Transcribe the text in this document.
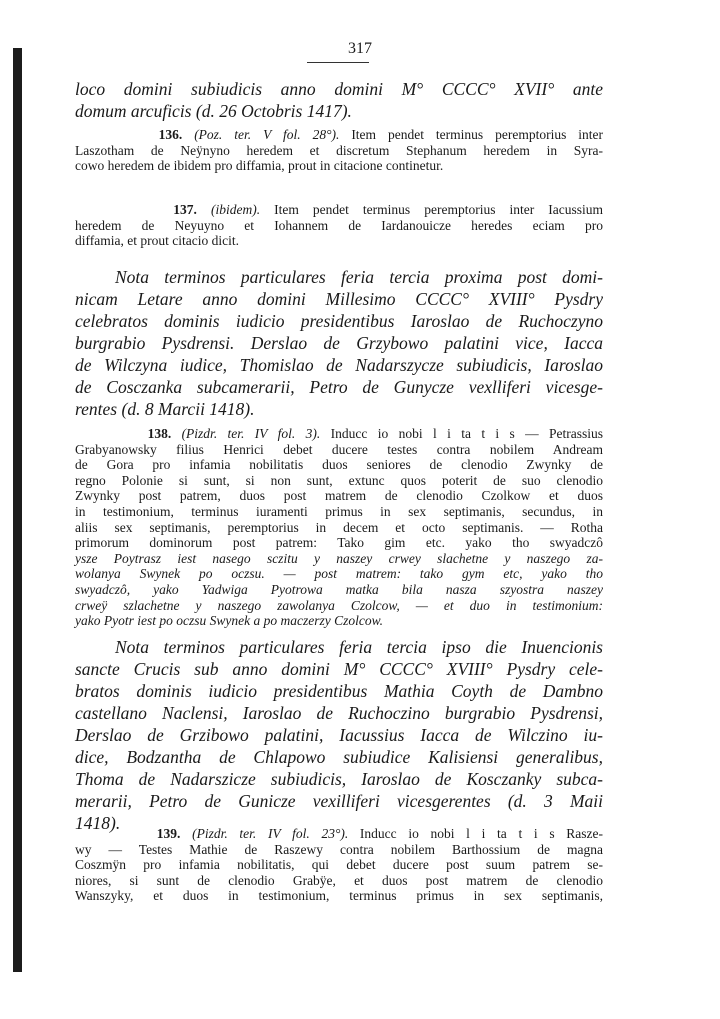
317
loco domini subiudicis anno domini M° CCCC° XVII° ante
domum arcuficis (d. 26 Octobris 1417).
136. (Poz. ter. V fol. 28°). Item pendet terminus peremptorius inter
Laszotham de Neÿnyno heredem et discretum Stephanum heredem in Syra-
cowo heredem de ibidem pro diffamia, prout in citacione continetur.
137. (ibidem). Item pendet terminus peremptorius inter Iacussium
heredem de Neyuyno et Iohannem de Iardanouicze heredes eciam pro
diffamia, et prout citacio dicit.
Nota terminos particulares feria tercia proxima post domi-
nicam Letare anno domini Millesimo CCCC° XVIII° Pysdry
celebratos dominis iudicio presidentibus Iaroslao de Ruchoczyno
burgrabio Pysdrensi. Derslao de Grzybowo palatini vice, Iacca
de Wilczyna iudice, Thomislao de Nadarszycze subiudicis, Iaroslao
de Cosczanka subcamerarii, Petro de Gunycze vexlliferi vicesge-
rentes (d. 8 Marcii 1418).
138. (Pizdr. ter. IV fol. 3). Inducc io nobi l i ta t i s — Petrassius
Grabyanowsky filius Henrici debet ducere testes contra nobilem Andream
de Gora pro infamia nobilitatis duos seniores de clenodio Zwynky de
regno Polonie si sunt, si non sunt, extunc quos poterit de suo clenodio
Zwynky post patrem, duos post matrem de clenodio Czolkow et duos
in testimonium, terminus iuramenti primus in sex septimanis, secundus, in
aliis sex septimanis, peremptorius in decem et octo septimanis. — Rotha
primorum dominorum post patrem: Tako gim etc. yako tho swyadczô
ysze Poytrasz iest nasego sczitu y naszey crwey slachetne y naszego za-
wolanya Swynek po oczsu. — post matrem: tako gym etc, yako tho
swyadczô, yako Yadwiga Pyotrowa matka bila nasza szyostra naszey
crweÿ szlachetne y naszego zawolanya Czolcow, — et duo in testimonium:
yako Pyotr iest po oczsu Swynek a po maczerzy Czolcow.
Nota terminos particulares feria tercia ipso die Inuencionis
sancte Crucis sub anno domini M° CCCC° XVIII° Pysdry cele-
bratos dominis iudicio presidentibus Mathia Coyth de Dambno
castellano Naclensi, Iaroslao de Ruchoczino burgrabio Pysdrensi,
Derslao de Grzibowo palatini, Iacussius Iacca de Wilczino iu-
dice, Bodzantha de Chlapowo subiudice Kalisiensi generalibus,
Thoma de Nadarszicze subiudicis, Iaroslao de Kosczanky subca-
merarii, Petro de Gunicze vexilliferi vicesgerentes (d. 3 Maii
1418).
139. (Pizdr. ter. IV fol. 23°). Inducc io nobi l i ta t i s Rasze-
wy — Testes Mathie de Raszewy contra nobilem Barthossium de magna
Coszmÿn pro infamia nobilitatis, qui debet ducere post suum patrem se-
niores, si sunt de clenodio Grabÿe, et duos post matrem de clenodio
Wanszyky, et duos in testimonium, terminus primus in sex septimanis,
